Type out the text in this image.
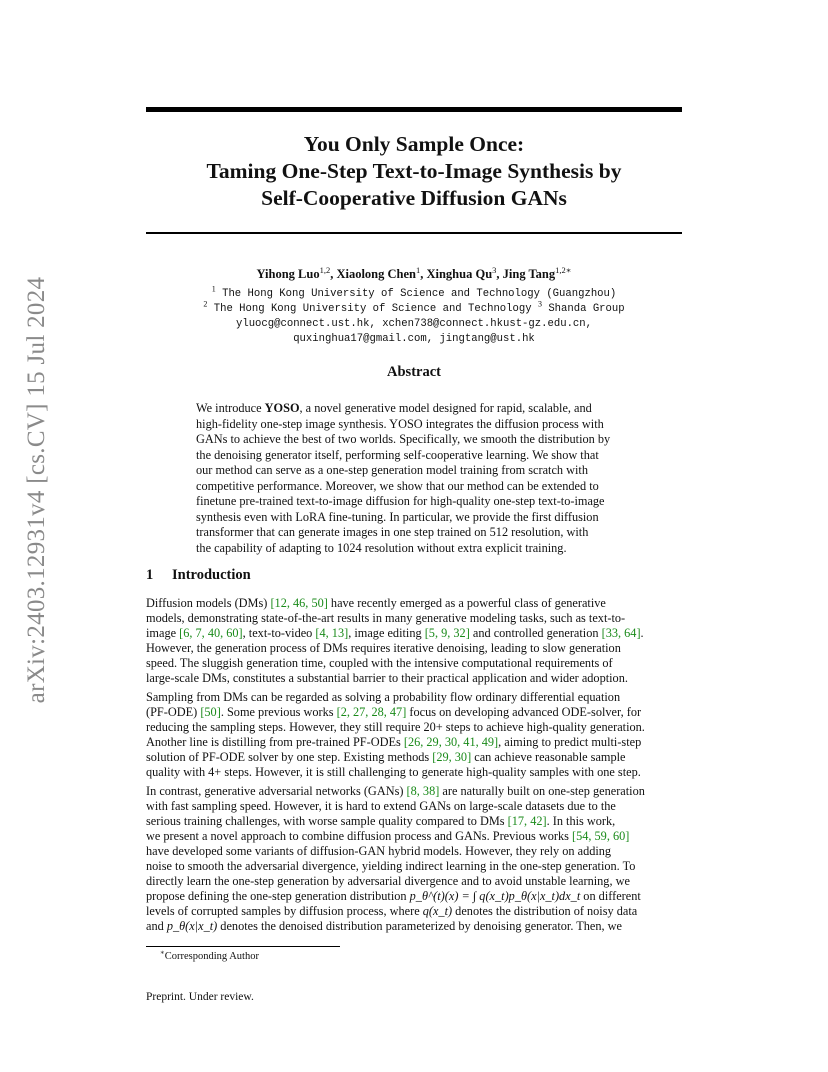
arXiv:2403.12931v4 [cs.CV] 15 Jul 2024
You Only Sample Once:
Taming One-Step Text-to-Image Synthesis by
Self-Cooperative Diffusion GANs
Yihong Luo$^{1,2}$, Xiaolong Chen$^1$, Xinghua Qu$^3$, Jing Tang$^{1,2∗}$
$^1$ The Hong Kong University of Science and Technology (Guangzhou)
$^2$ The Hong Kong University of Science and Technology $^3$ Shanda Group
yluocg@connect.ust.hk, xchen738@connect.hkust-gz.edu.cn,
quxinghua17@gmail.com, jingtang@ust.hk
Abstract
We introduce YOSO, a novel generative model designed for rapid, scalable, and
high-fidelity one-step image synthesis. YOSO integrates the diffusion process with
GANs to achieve the best of two worlds. Specifically, we smooth the distribution by
the denoising generator itself, performing self-cooperative learning. We show that
our method can serve as a one-step generation model training from scratch with
competitive performance. Moreover, we show that our method can be extended to
finetune pre-trained text-to-image diffusion for high-quality one-step text-to-image
synthesis even with LoRA fine-tuning. In particular, we provide the first diffusion
transformer that can generate images in one step trained on 512 resolution, with
the capability of adapting to 1024 resolution without extra explicit training.
1 Introduction
Diffusion models (DMs) [12, 46, 50] have recently emerged as a powerful class of generative
models, demonstrating state-of-the-art results in many generative modeling tasks, such as text-to-
image [6, 7, 40, 60], text-to-video [4, 13], image editing [5, 9, 32] and controlled generation [33, 64].
However, the generation process of DMs requires iterative denoising, leading to slow generation
speed. The sluggish generation time, coupled with the intensive computational requirements of
large-scale DMs, constitutes a substantial barrier to their practical application and wider adoption.
Sampling from DMs can be regarded as solving a probability flow ordinary differential equation
(PF-ODE) [50]. Some previous works [2, 27, 28, 47] focus on developing advanced ODE-solver, for
reducing the sampling steps. However, they still require 20+ steps to achieve high-quality generation.
Another line is distilling from pre-trained PF-ODEs [26, 29, 30, 41, 49], aiming to predict multi-step
solution of PF-ODE solver by one step. Existing methods [29, 30] can achieve reasonable sample
quality with 4+ steps. However, it is still challenging to generate high-quality samples with one step.
In contrast, generative adversarial networks (GANs) [8, 38] are naturally built on one-step generation
with fast sampling speed. However, it is hard to extend GANs on large-scale datasets due to the
serious training challenges, with worse sample quality compared to DMs [17, 42]. In this work,
we present a novel approach to combine diffusion process and GANs. Previous works [54, 59, 60]
have developed some variants of diffusion-GAN hybrid models. However, they rely on adding
noise to smooth the adversarial divergence, yielding indirect learning in the one-step generation. To
directly learn the one-step generation by adversarial divergence and to avoid unstable learning, we
propose defining the one-step generation distribution p_θ^(t)(x) = ∫ q(x_t)p_θ(x|x_t)dx_t on different
levels of corrupted samples by diffusion process, where q(x_t) denotes the distribution of noisy data
and p_θ(x|x_t) denotes the denoised distribution parameterized by denoising generator. Then, we
∗Corresponding Author
Preprint. Under review.
